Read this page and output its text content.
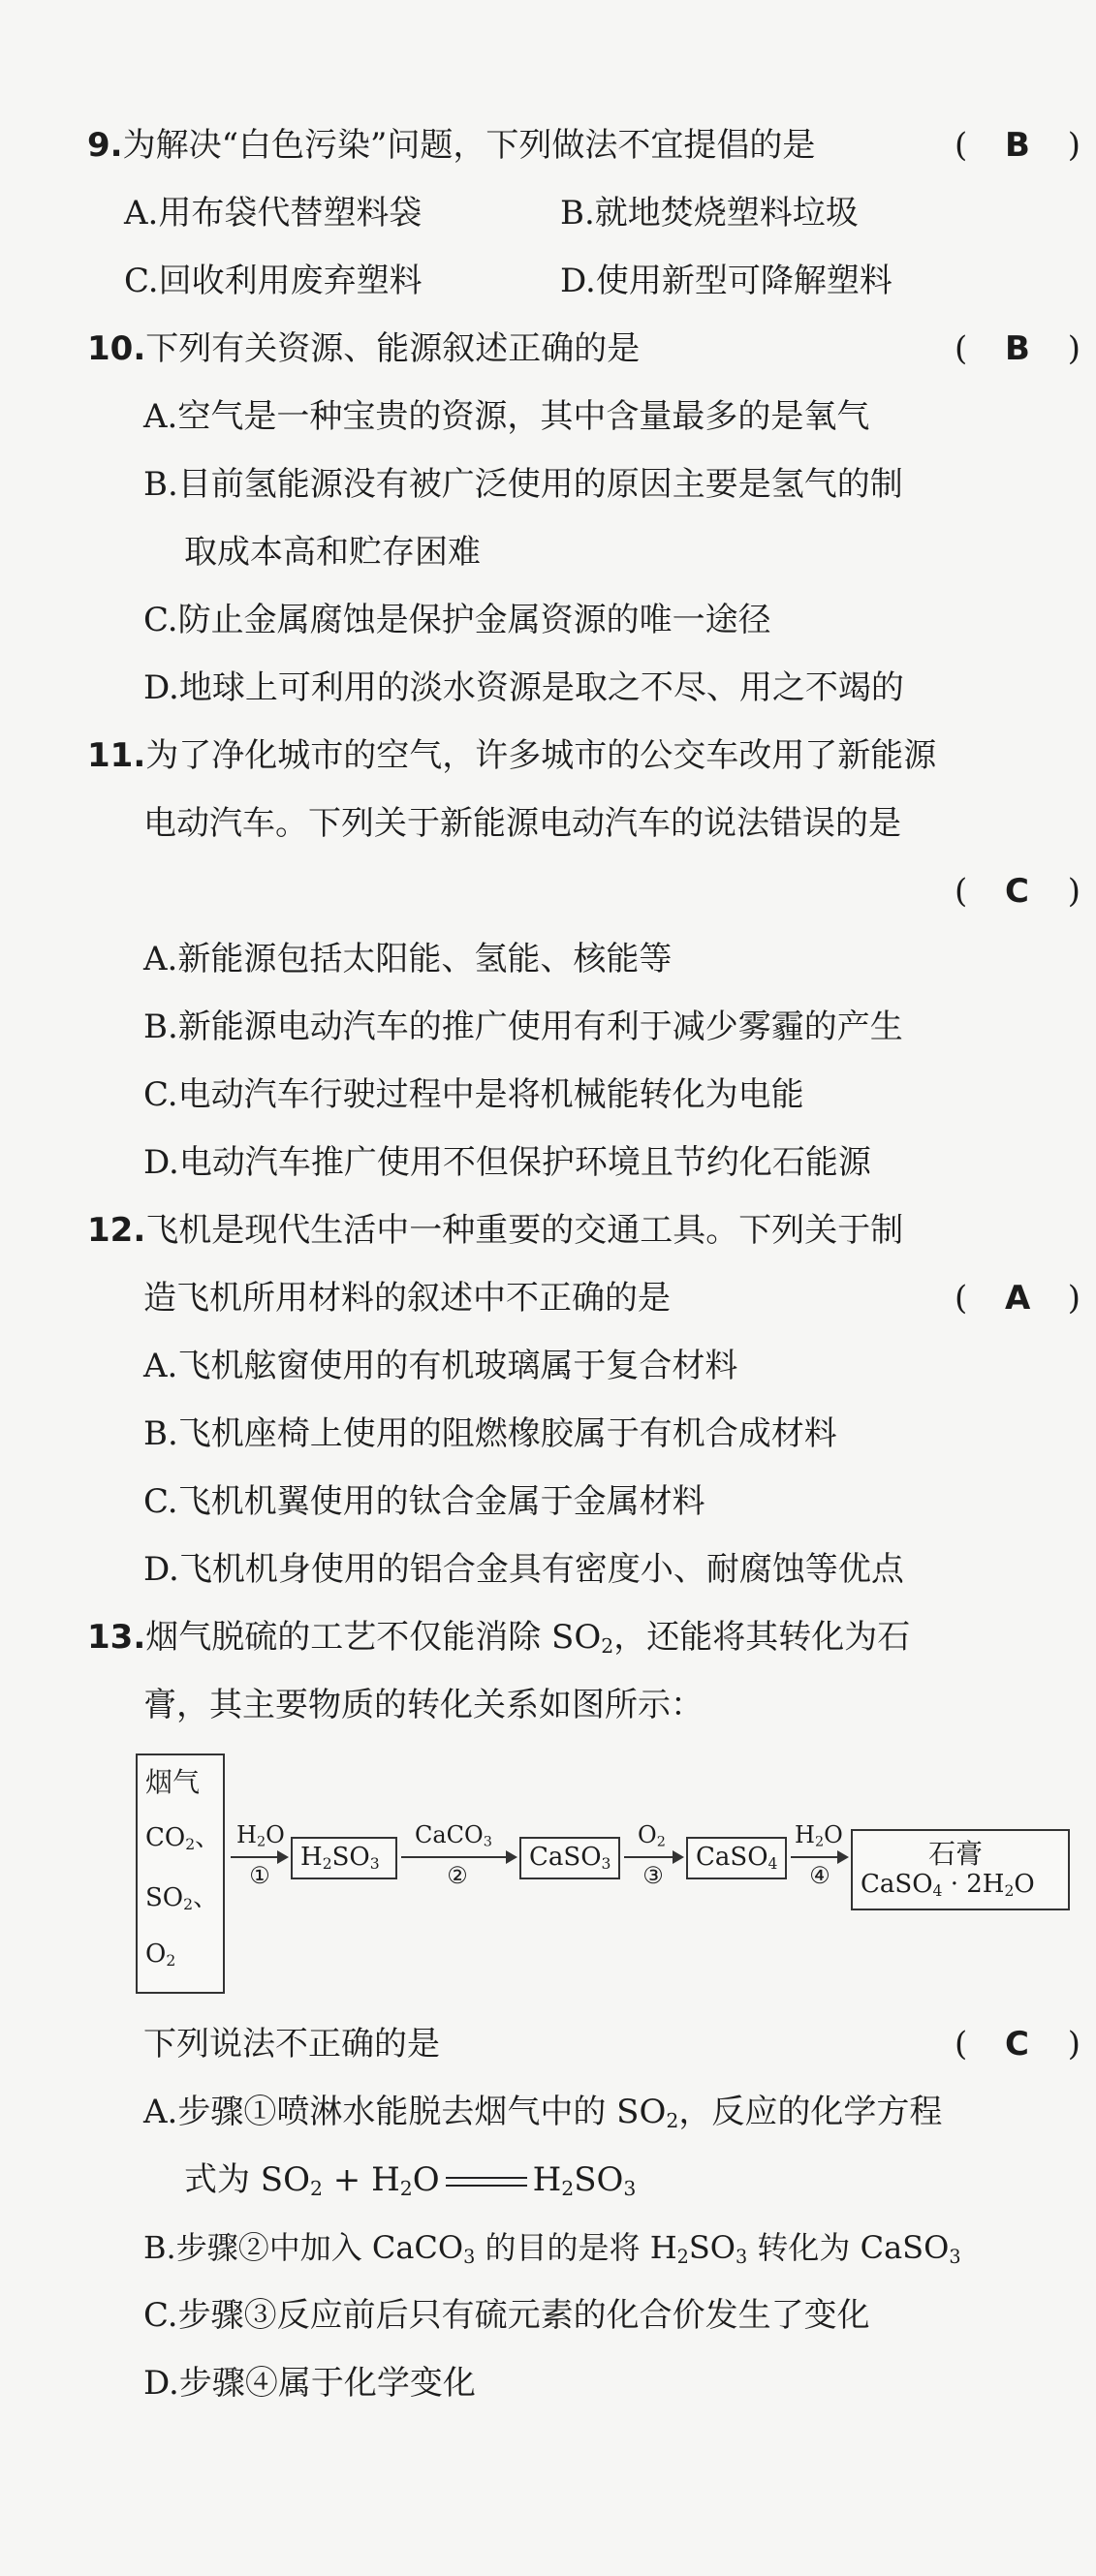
9.为解决“白色污染”问题，下列做法不宜提倡的是	( B )
A.用布袋代替塑料袋	B.就地焚烧塑料垃圾
C.回收利用废弃塑料	D.使用新型可降解塑料
10.下列有关资源、能源叙述正确的是	( B )
A.空气是一种宝贵的资源，其中含量最多的是氧气
B.目前氢能源没有被广泛使用的原因主要是氢气的制
取成本高和贮存困难
C.防止金属腐蚀是保护金属资源的唯一途径
D.地球上可利用的淡水资源是取之不尽、用之不竭的
11.为了净化城市的空气，许多城市的公交车改用了新能源
电动汽车。下列关于新能源电动汽车的说法错误的是
( C )
A.新能源包括太阳能、氢能、核能等
B.新能源电动汽车的推广使用有利于减少雾霾的产生
C.电动汽车行驶过程中是将机械能转化为电能
D.电动汽车推广使用不但保护环境且节约化石能源
12.飞机是现代生活中一种重要的交通工具。下列关于制
造飞机所用材料的叙述中不正确的是	( A )
A.飞机舷窗使用的有机玻璃属于复合材料
B.飞机座椅上使用的阻燃橡胶属于有机合成材料
C.飞机机翼使用的钛合金属于金属材料
D.飞机机身使用的铝合金具有密度小、耐腐蚀等优点
13.烟气脱硫的工艺不仅能消除 $SO_2$，还能将其转化为石
膏，其主要物质的转化关系如图所示：
烟气
$CO_2$、
$SO_2$、
$O_2$
$H_2O$
①
$H_2SO_3$
CaCO$_3$
②
CaSO$_3$
$O_2$
③
CaSO$_4$
$H_2O$
④
石膏
CaSO$_4$ · $2H_2O$
下列说法不正确的是	( C )
A.步骤①喷淋水能脱去烟气中的 $SO_2$，反应的化学方程
式为 $SO_2 + H_2O$	$H_2SO_3$
B.步骤②中加入 CaCO$_3$ 的目的是将 $H_2SO_3$ 转化为 CaSO$_3$
C.步骤③反应前后只有硫元素的化合价发生了变化
D.步骤④属于化学变化
